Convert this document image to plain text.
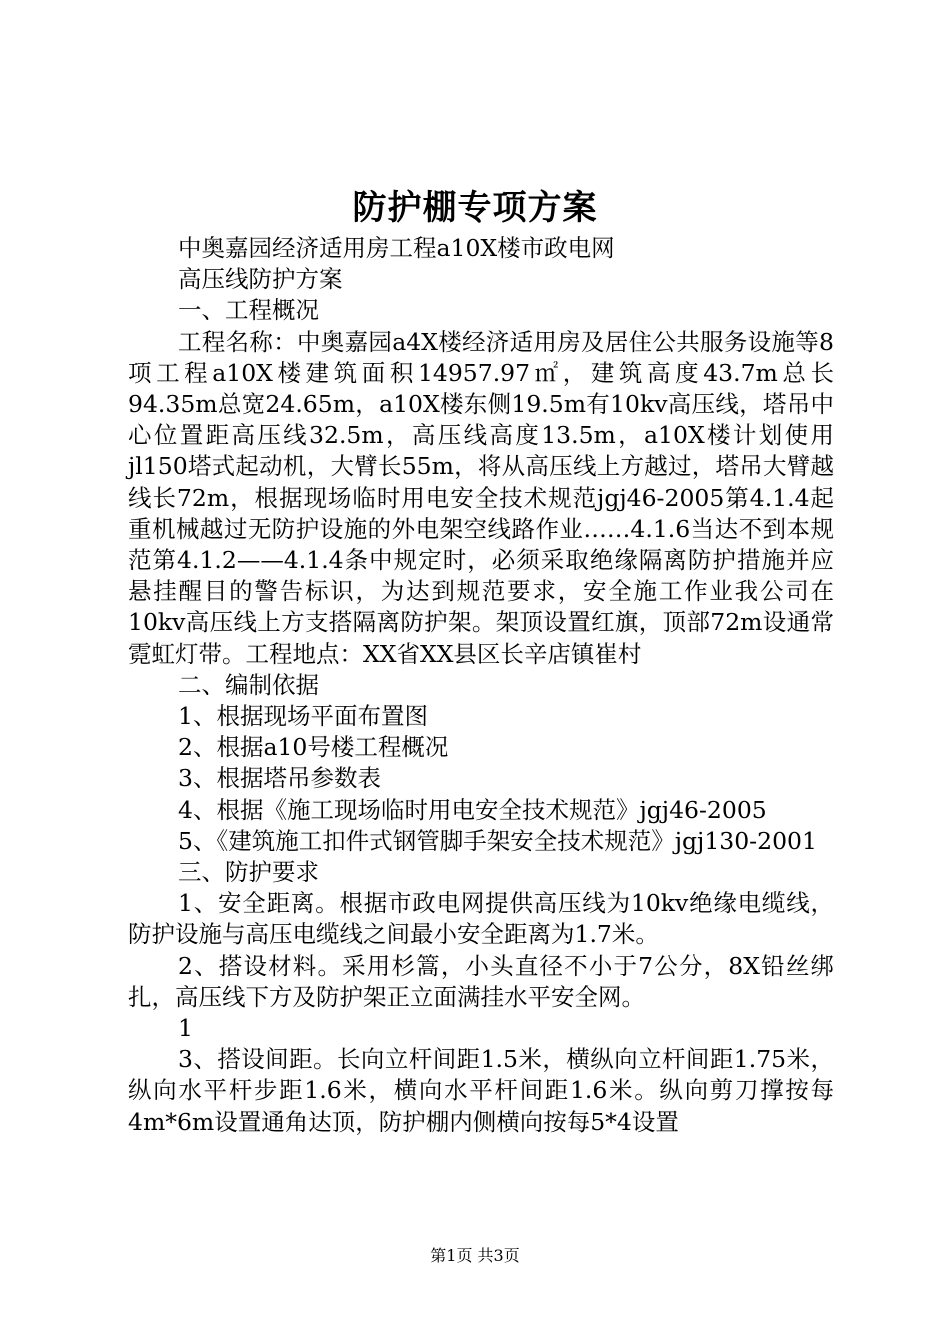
防护棚专项方案

中奥嘉园经济适用房工程a10X楼市政电网

高压线防护方案

一、工程概况

工程名称：中奥嘉园a4X楼经济适用房及居住公共服务设施等8项工程a10X楼建筑面积14957.97㎡，建筑高度43.7m总长94.35m总宽24.65m，a10X楼东侧19.5m有10kv高压线，塔吊中心位置距高压线32.5m，高压线高度13.5m，a10X楼计划使用jl150塔式起动机，大臂长55m，将从高压线上方越过，塔吊大臂越线长72m，根据现场临时用电安全技术规范jgj46-2005第4.1.4起重机械越过无防护设施的外电架空线路作业……4.1.6当达不到本规范第4.1.2——4.1.4条中规定时，必须采取绝缘隔离防护措施并应悬挂醒目的警告标识，为达到规范要求，安全施工作业我公司在10kv高压线上方支搭隔离防护架。架顶设置红旗，顶部72m设通常霓虹灯带。工程地点：XX省XX县区长辛店镇崔村

二、编制依据

1、根据现场平面布置图

2、根据a10号楼工程概况

3、根据塔吊参数表

4、根据《施工现场临时用电安全技术规范》jgj46-2005

5、《建筑施工扣件式钢管脚手架安全技术规范》jgj130-2001

三、防护要求

1、安全距离。根据市政电网提供高压线为10kv绝缘电缆线，防护设施与高压电缆线之间最小安全距离为1.7米。

2、搭设材料。采用杉篙，小头直径不小于7公分，8X铅丝绑扎，高压线下方及防护架正立面满挂水平安全网。

1

3、搭设间距。长向立杆间距1.5米，横纵向立杆间距1.75米，纵向水平杆步距1.6米，横向水平杆间距1.6米。纵向剪刀撑按每4m*6m设置通角达顶，防护棚内侧横向按每5*4设置

第1页 共3页
